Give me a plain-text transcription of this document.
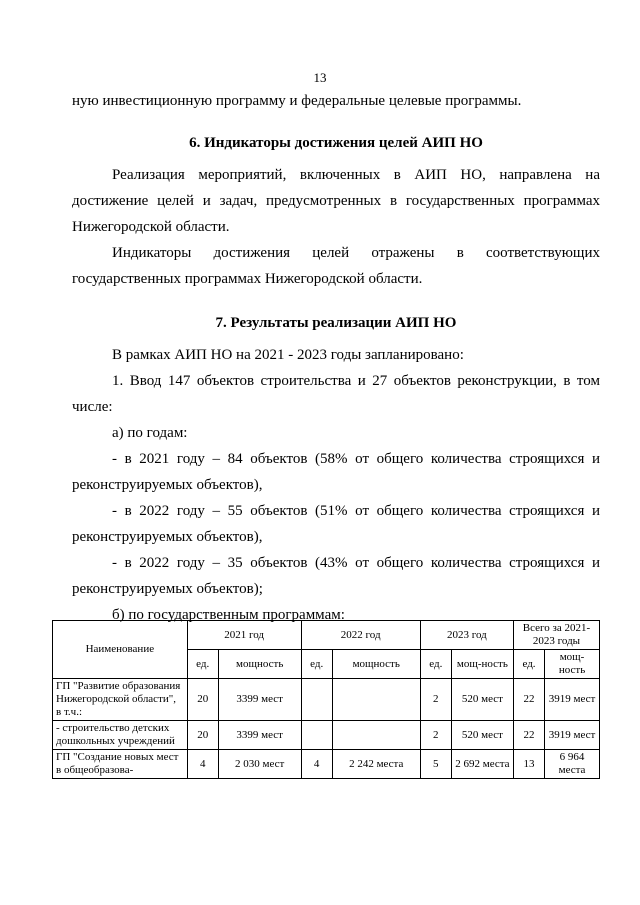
13

ную инвестиционную программу и федеральные целевые программы.

6. Индикаторы достижения целей АИП НО

Реализация мероприятий, включенных в АИП НО, направлена на достижение целей и задач, предусмотренных в государственных программах Нижегородской области.

Индикаторы достижения целей отражены в соответствующих государственных программах Нижегородской области.

7. Результаты реализации АИП НО

В рамках АИП НО на 2021 - 2023 годы запланировано:

1. Ввод 147 объектов строительства и 27 объектов реконструкции, в том числе:

а) по годам:

- в 2021 году – 84 объектов (58% от общего количества строящихся и реконструируемых объектов),

- в 2022 году – 55 объектов (51% от общего количества строящихся и реконструируемых объектов),

- в 2022 году – 35 объектов (43% от общего количества строящихся и реконструируемых объектов);

б) по государственным программам:

Наименование	2021 год		2022 год		2023 год		Всего за 2021-2023 годы	
	ед.	мощность	ед.	мощность	ед.	мощ-ность	ед.	мощ-ность
ГП "Развитие образования Нижегородской области", в т.ч.:	20	3399 мест			2	520 мест	22	3919 мест
- строительство детских дошкольных учреждений	20	3399 мест			2	520 мест	22	3919 мест
ГП "Создание новых мест в общеобразова-	4	2 030 мест	4	2 242 места	5	2 692 места	13	6 964 места
